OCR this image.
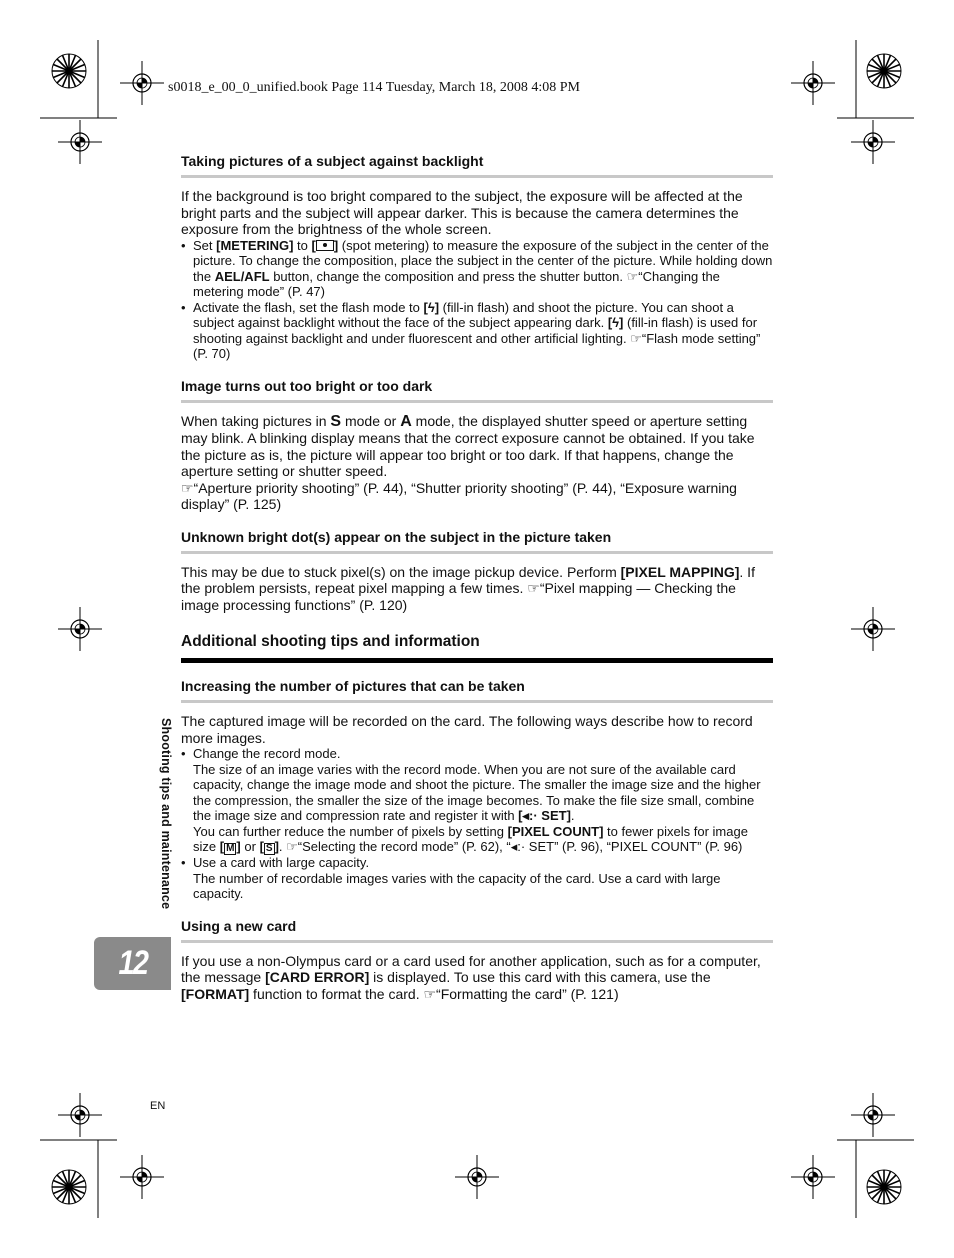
s0018_e_00_0_unified.book Page 114 Tuesday, March 18, 2008 4:08 PM
Taking pictures of a subject against backlight

If the background is too bright compared to the subject, the exposure will be affected at the bright parts and the subject will appear darker. This is because the camera determines the exposure from the brightness of the whole screen.

• Set [METERING] to [ ] (spot metering) to measure the exposure of the subject in the center of the picture. To change the composition, place the subject in the center of the picture. While holding down the AEL/AFL button, change the composition and press the shutter button. ☞“Changing the metering mode” (P. 47)
• Activate the flash, set the flash mode to [ϟ] (fill-in flash) and shoot the picture. You can shoot a subject against backlight without the face of the subject appearing dark. [ϟ] (fill-in flash) is used for shooting against backlight and under fluorescent and other artificial lighting. ☞“Flash mode setting” (P. 70)
Image turns out too bright or too dark

When taking pictures in S mode or A mode, the displayed shutter speed or aperture setting may blink. A blinking display means that the correct exposure cannot be obtained. If you take the picture as is, the picture will appear too bright or too dark. If that happens, change the aperture setting or shutter speed.

☞“Aperture priority shooting” (P. 44), “Shutter priority shooting” (P. 44), “Exposure warning display” (P. 125)

Unknown bright dot(s) appear on the subject in the picture taken

This may be due to stuck pixel(s) on the image pickup device. Perform [PIXEL MAPPING]. If the problem persists, repeat pixel mapping a few times. ☞“Pixel mapping — Checking the image processing functions” (P. 120)

Additional shooting tips and information
Increasing the number of pictures that can be taken

The captured image will be recorded on the card. The following ways describe how to record more images.

• Change the record mode.

The size of an image varies with the record mode. When you are not sure of the available card capacity, change the image mode and shoot the picture. The smaller the image size and the higher the compression, the smaller the size of the image becomes. To make the file size small, combine the image size and compression rate and register it with [◂:· SET].

You can further reduce the number of pixels by setting [PIXEL COUNT] to fewer pixels for image size [ M ] or [ S ]. ☞“Selecting the record mode” (P. 62), “◂:· SET” (P. 96), “PIXEL COUNT” (P. 96)

• Use a card with large capacity.

The number of recordable images varies with the capacity of the card. Use a card with large capacity.

Using a new card

If you use a non-Olympus card or a card used for another application, such as for a computer, the message [CARD ERROR] is displayed. To use this card with this camera, use the [FORMAT] function to format the card. ☞“Formatting the card” (P. 121)

Shooting tips and maintenance
12
EN
